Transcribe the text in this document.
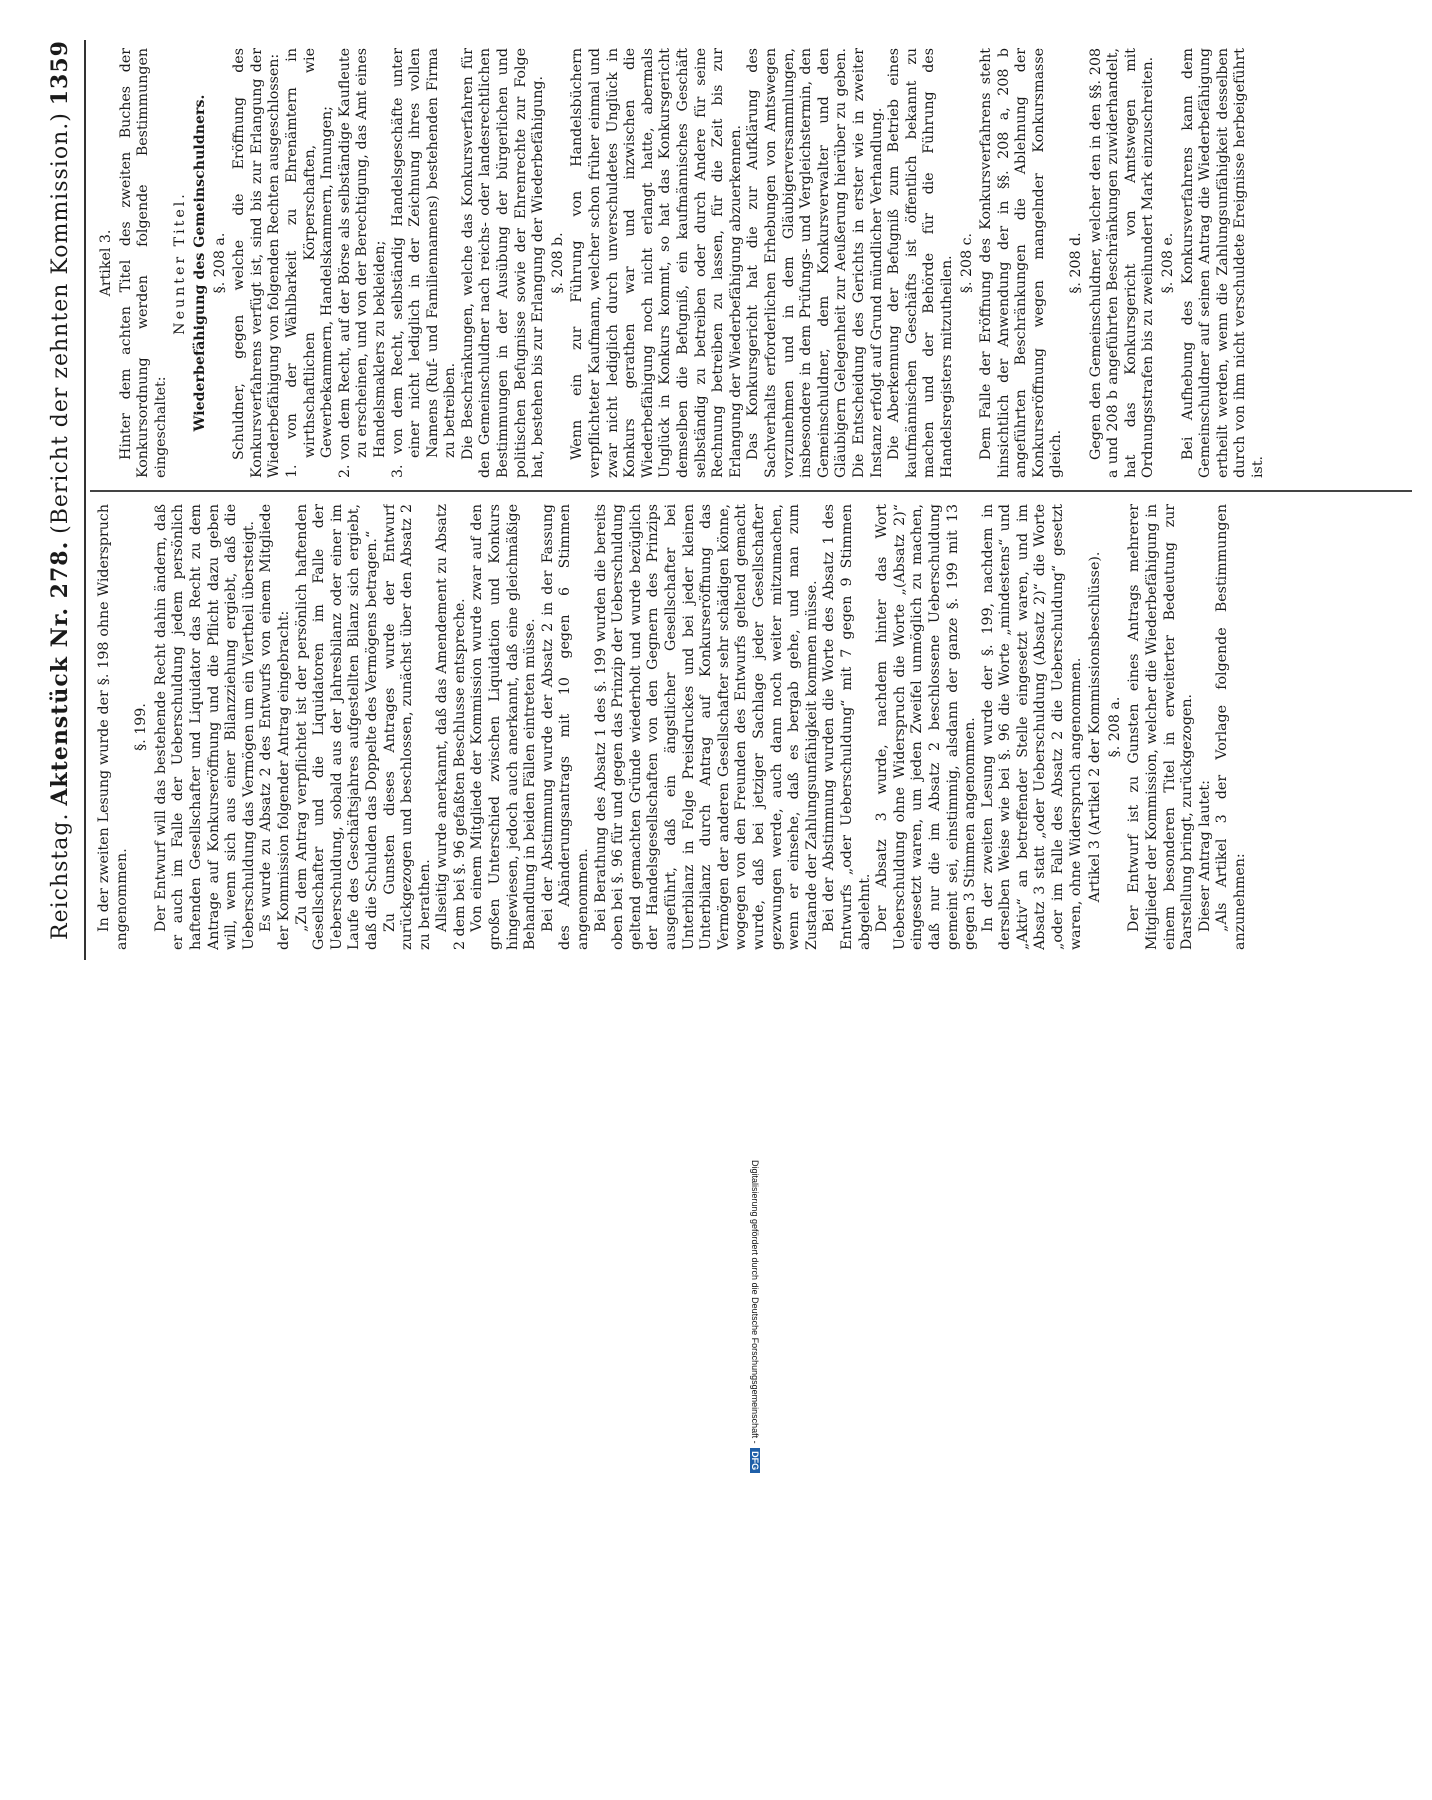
Reichstag.
Aktenstück Nr. 278.
(Bericht der zehnten Kommission.)
1359

In der zweiten Lesung wurde der §. 198 ohne Widerspruch angenommen.

§. 199. Der Entwurf will das bestehende Recht dahin ändern, daß er auch im Falle der Ueberschuldung jedem persönlich haftenden Gesellschafter und Liquidator das Recht zu dem Antrage auf Konkurseröffnung und die Pflicht dazu geben will, wenn sich aus einer Bilanzziehung ergiebt, daß die Ueberschuldung das Vermögen um ein Viertheil übersteigt. Es wurde zu Absatz 2 des Entwurfs von einem Mitgliede der Kommission folgender Antrag eingebracht: „Zu dem Antrag verpflichtet ist der persönlich haftenden Gesellschafter und die Liquidatoren im Falle der Ueberschuldung, sobald aus der Jahresbilanz oder einer im Laufe des Geschäftsjahres aufgestellten Bilanz sich ergiebt, daß die Schulden das Doppelte des Vermögens betragen.“ Zu Gunsten dieses Antrages wurde der Entwurf zurückgezogen und beschlossen, zunächst über den Absatz 2 zu berathen. Allseitig wurde anerkannt, daß das Amendement zu Absatz 2 dem bei §. 96 gefaßten Beschlusse entspreche. Von einem Mitgliede der Kommission wurde zwar auf den großen Unterschied zwischen Liquidation und Konkurs hingewiesen, jedoch auch anerkannt, daß eine gleichmäßige Behandlung in beiden Fällen eintreten müsse. Bei der Abstimmung wurde der Absatz 2 in der Fassung des Abänderungsantrags mit 10 gegen 6 Stimmen angenommen. Bei Berathung des Absatz 1 des §. 199 wurden die bereits oben bei §. 96 für und gegen das Prinzip der Ueberschuldung geltend gemachten Gründe wiederholt und wurde bezüglich der Handelsgesellschaften von den Gegnern des Prinzips ausgeführt, daß ein ängstlicher Gesellschafter bei Unterbilanz in Folge Preisdruckes und bei jeder kleinen Unterbilanz durch Antrag auf Konkurseröffnung das Vermögen der anderen Gesellschafter sehr schädigen könne, wogegen von den Freunden des Entwurfs geltend gemacht wurde, daß bei jetziger Sachlage jeder Gesellschafter gezwungen werde, auch dann noch weiter mitzumachen, wenn er einsehe, daß es bergab gehe, und man zum Zustande der Zahlungsunfähigkeit kommen müsse. Bei der Abstimmung wurden die Worte des Absatz 1 des Entwurfs „oder Ueberschuldung“ mit 7 gegen 9 Stimmen abgelehnt. Der Absatz 3 wurde, nachdem hinter das Wort Ueberschuldung ohne Widerspruch die Worte „(Absatz 2)“ eingesetzt waren, um jeden Zweifel unmöglich zu machen, daß nur die im Absatz 2 beschlossene Ueberschuldung gemeint sei, einstimmig, alsdann der ganze §. 199 mit 13 gegen 3 Stimmen angenommen. In der zweiten Lesung wurde der §. 199, nachdem in derselben Weise wie bei §. 96 die Worte „mindestens“ und „Aktiv“ an betreffender Stelle eingesetzt waren, und im Absatz 3 statt „oder Ueberschuldung (Absatz 2)“ die Worte „oder im Falle des Absatz 2 die Ueberschuldung“ gesetzt waren, ohne Widerspruch angenommen. Artikel 3 (Artikel 2 der Kommissionsbeschlüsse). §. 208 a. Der Entwurf ist zu Gunsten eines Antrags mehrerer Mitglieder der Kommission, welcher die Wiederbefähigung in einem besonderen Titel in erweiterter Bedeutung zur Darstellung bringt, zurückgezogen. Dieser Antrag lautet: „Als Artikel 3 der Vorlage folgende Bestimmungen anzunehmen:

Artikel 3. Hinter dem achten Titel des zweiten Buches der Konkursordnung werden folgende Bestimmungen eingeschaltet:

Neunter Titel. Wiederbefähigung des Gemeinschuldners. §. 208 a. Schuldner, gegen welche die Eröffnung des Konkursverfahrens verfügt ist, sind bis zur Erlangung der Wiederbefähigung von folgenden Rechten ausgeschlossen: 1. von der Wählbarkeit zu Ehrenämtern in wirthschaftlichen Körperschaften, wie Gewerbekammern, Handelskammern, Innungen; 2. von dem Recht, auf der Börse als selbständige Kaufleute zu erscheinen, und von der Berechtigung, das Amt eines Handelsmaklers zu bekleiden; 3. von dem Recht, selbständig Handelsgeschäfte unter einer nicht lediglich in der Zeichnung ihres vollen Namens (Ruf- und Familiennamens) bestehenden Firma zu betreiben. Die Beschränkungen, welche das Konkursverfahren für den Gemeinschuldner nach reichs- oder landesrechtlichen Bestimmungen in der Ausübung der bürgerlichen und politischen Befugnisse sowie der Ehrenrechte zur Folge hat, bestehen bis zur Erlangung der Wiederbefähigung. §. 208 b. Wenn ein zur Führung von Handelsbüchern verpflichteter Kaufmann, welcher schon früher einmal und zwar nicht lediglich durch unverschuldetes Unglück in Konkurs gerathen war und inzwischen die Wiederbefähigung noch nicht erlangt hatte, abermals Unglück in Konkurs kommt, so hat das Konkursgericht demselben die Befugniß, ein kaufmännisches Geschäft selbständig zu betreiben oder durch Andere für seine Rechnung betreiben zu lassen, für die Zeit bis zur Erlangung der Wiederbefähigung abzuerkennen. Das Konkursgericht hat die zur Aufklärung des Sachverhalts erforderlichen Erhebungen von Amtswegen vorzunehmen und in dem Gläubigerversammlungen, insbesondere in dem Prüfungs- und Vergleichstermin, den Gemeinschuldner, dem Konkursverwalter und den Gläubigern Gelegenheit zur Aeußerung hierüber zu geben. Die Entscheidung des Gerichts in erster wie in zweiter Instanz erfolgt auf Grund mündlicher Verhandlung. Die Aberkennung der Befugniß zum Betrieb eines kaufmännischen Geschäfts ist öffentlich bekannt zu machen und der Behörde für die Führung des Handelsregisters mitzutheilen. §. 208 c. Dem Falle der Eröffnung des Konkursverfahrens steht hinsichtlich der Anwendung der in §§. 208 a, 208 b angeführten Beschränkungen die Ablehnung der Konkurseröffnung wegen mangelnder Konkursmasse gleich.

§. 208 d. Gegen den Gemeinschuldner, welcher den in den §§. 208 a und 208 b angeführten Beschränkungen zuwiderhandelt, hat das Konkursgericht von Amtswegen mit Ordnungsstrafen bis zu zweihundert Mark einzuschreiten. §. 208 e. Bei Aufhebung des Konkursverfahrens kann dem Gemeinschuldner auf seinen Antrag die Wiederbefähigung ertheilt werden, wenn die Zahlungsunfähigkeit desselben durch von ihm nicht verschuldete Ereignisse herbeigeführt ist.

Digitalisierung gefördert durch die Deutsche Forschungsgemeinschaft - DFG
